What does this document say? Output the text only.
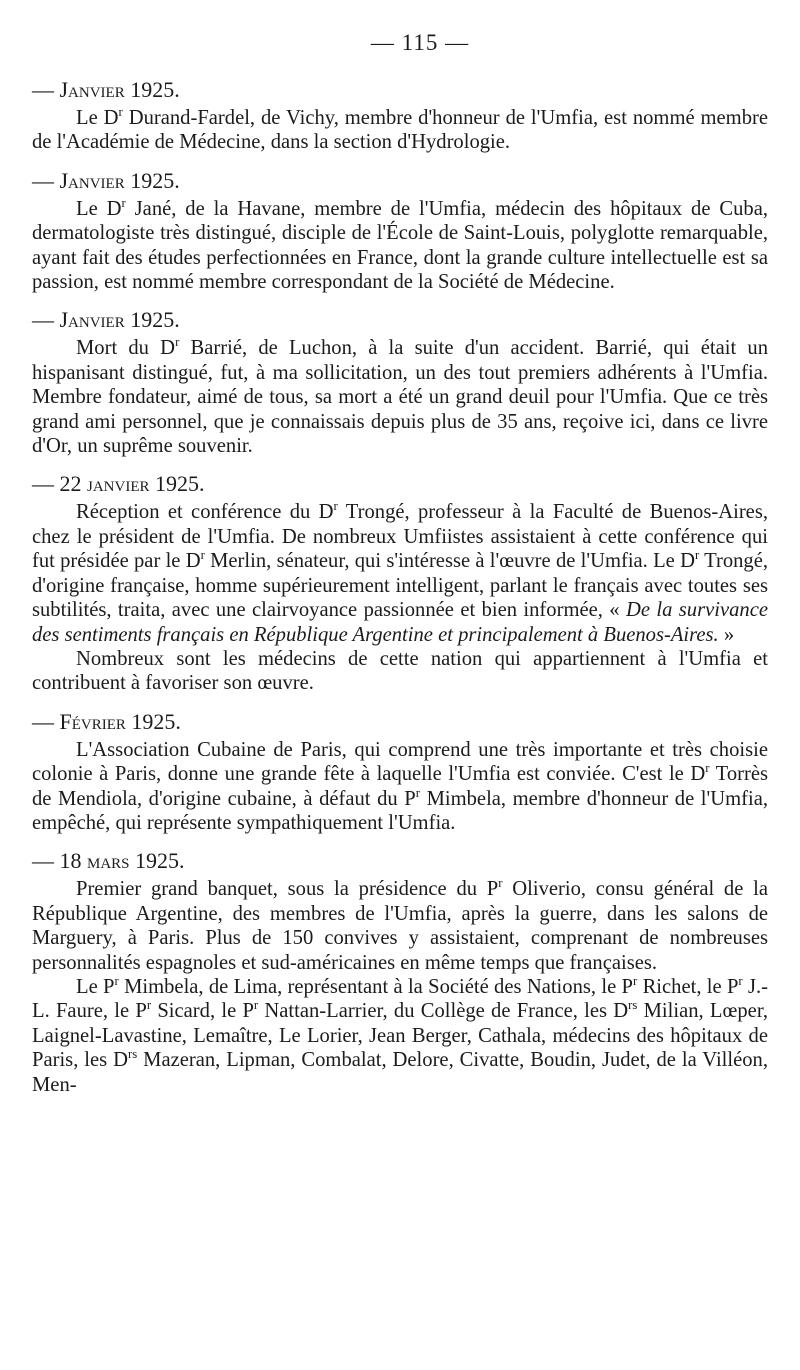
— 115 —
— Janvier 1925.

Le $D^r$ Durand-Fardel, de Vichy, membre d'honneur de l'Umfia, est nommé membre de l'Académie de Médecine, dans la section d'Hydrologie.

— Janvier 1925.

Le $D^r$ Jané, de la Havane, membre de l'Umfia, médecin des hôpitaux de Cuba, dermatologiste très distingué, disciple de l'École de Saint-Louis, polyglotte remarquable, ayant fait des études perfectionnées en France, dont la grande culture intellectuelle est sa passion, est nommé membre correspondant de la Société de Médecine.

— Janvier 1925.

Mort du $D^r$ Barrié, de Luchon, à la suite d'un accident. Barrié, qui était un hispanisant distingué, fut, à ma sollicitation, un des tout premiers adhérents à l'Umfia. Membre fondateur, aimé de tous, sa mort a été un grand deuil pour l'Umfia. Que ce très grand ami personnel, que je connaissais depuis plus de 35 ans, reçoive ici, dans ce livre d'Or, un suprême souvenir.

— 22 janvier 1925.

Réception et conférence du $D^r$ Trongé, professeur à la Faculté de Buenos-Aires, chez le président de l'Umfia. De nombreux Umfiistes assistaient à cette conférence qui fut présidée par le $D^r$ Merlin, sénateur, qui s'intéresse à l'œuvre de l'Umfia. Le $D^r$ Trongé, d'origine française, homme supérieurement intelligent, parlant le français avec toutes ses subtilités, traita, avec une clairvoyance passionnée et bien informée, « De la survivance des sentiments français en République Argentine et principalement à Buenos-Aires. »

Nombreux sont les médecins de cette nation qui appartiennent à l'Umfia et contribuent à favoriser son œuvre.

— Février 1925.

L'Association Cubaine de Paris, qui comprend une très importante et très choisie colonie à Paris, donne une grande fête à laquelle l'Umfia est conviée. C'est le $D^r$ Torrès de Mendiola, d'origine cubaine, à défaut du $P^r$ Mimbela, membre d'honneur de l'Umfia, empêché, qui représente sympathiquement l'Umfia.

— 18 mars 1925.

Premier grand banquet, sous la présidence du $P^r$ Oliverio, consu général de la République Argentine, des membres de l'Umfia, après la guerre, dans les salons de Marguery, à Paris. Plus de 150 convives y assistaient, comprenant de nombreuses personnalités espagnoles et sud-américaines en même temps que françaises.

Le $P^r$ Mimbela, de Lima, représentant à la Société des Nations, le $P^r$ Richet, le $P^r$ J.-L. Faure, le $P^r$ Sicard, le $P^r$ Nattan-Larrier, du Collège de France, les $D^{rs}$ Milian, Lœper, Laignel-Lavastine, Lemaître, Le Lorier, Jean Berger, Cathala, médecins des hôpitaux de Paris, les $D^{rs}$ Mazeran, Lipman, Combalat, Delore, Civatte, Boudin, Judet, de la Villéon, Men-
